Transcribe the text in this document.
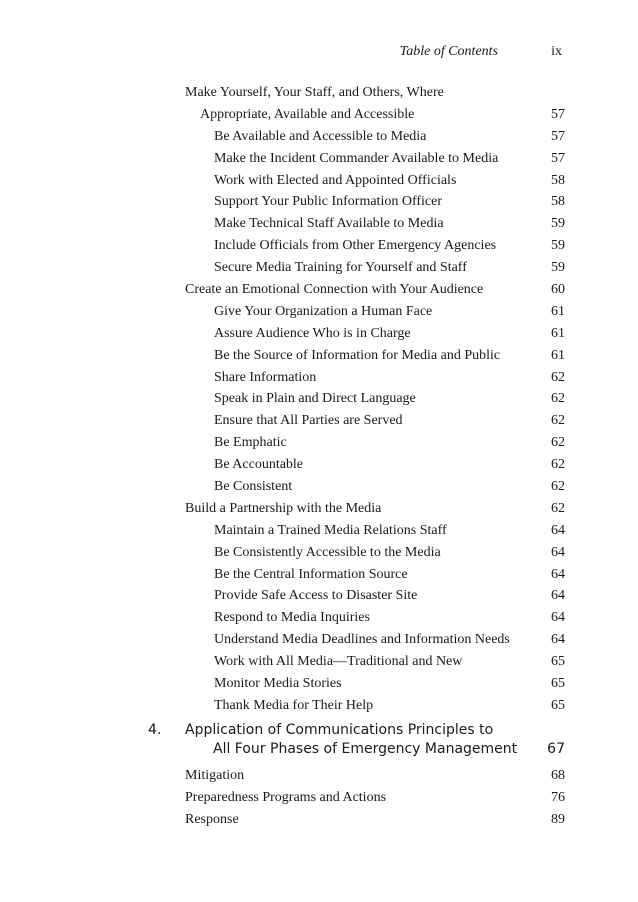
Table of Contents	ix
Make Yourself, Your Staff, and Others, Where
Appropriate, Available and Accessible	57
Be Available and Accessible to Media	57
Make the Incident Commander Available to Media	57
Work with Elected and Appointed Officials	58
Support Your Public Information Officer	58
Make Technical Staff Available to Media	59
Include Officials from Other Emergency Agencies	59
Secure Media Training for Yourself and Staff	59
Create an Emotional Connection with Your Audience	60
Give Your Organization a Human Face	61
Assure Audience Who is in Charge	61
Be the Source of Information for Media and Public	61
Share Information	62
Speak in Plain and Direct Language	62
Ensure that All Parties are Served	62
Be Emphatic	62
Be Accountable	62
Be Consistent	62
Build a Partnership with the Media	62
Maintain a Trained Media Relations Staff	64
Be Consistently Accessible to the Media	64
Be the Central Information Source	64
Provide Safe Access to Disaster Site	64
Respond to Media Inquiries	64
Understand Media Deadlines and Information Needs	64
Work with All Media—Traditional and New	65
Monitor Media Stories	65
Thank Media for Their Help	65
4. Application of Communications Principles to
All Four Phases of Emergency Management 67
Mitigation	68
Preparedness Programs and Actions	76
Response	89
